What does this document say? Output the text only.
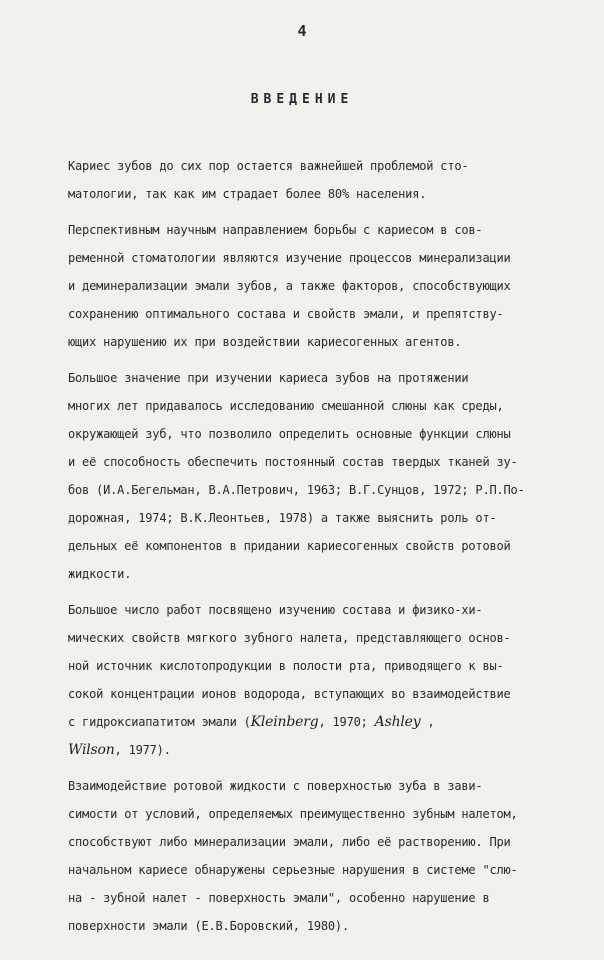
4
ВВЕДЕНИЕ
Кариес зубов до сих пор остается важнейшей проблемой сто-
матологии, так как им страдает более 80% населения.
Перспективным научным направлением борьбы с кариесом в сов-
ременной стоматологии являются изучение процессов минерализации
и деминерализации эмали зубов, а также факторов, способствующих
сохранению оптимального состава и свойств эмали, и препятству-
ющих нарушению их при воздействии кариесогенных агентов.
Большое значение при изучении кариеса зубов на протяжении
многих лет придавалось исследованию смешанной слюны как среды,
окружающей зуб, что позволило определить основные функции слюны
и её способность обеспечить постоянный состав твердых тканей зу-
бов (И.А.Бегельман, В.А.Петрович, 1963; В.Г.Сунцов, 1972; Р.П.По-
дорожная, 1974; В.К.Леонтьев, 1978) а также выяснить роль от-
дельных её компонентов в придании кариесогенных свойств ротовой
жидкости.
Большое число работ посвящено изучению состава и физико-хи-
мических свойств мягкого зубного налета, представляющего основ-
ной источник кислотопродукции в полости рта, приводящего к вы-
сокой концентрации ионов водорода, вступающих во взаимодействие
с гидроксиапатитом эмали (Kleinberg, 1970; Ashley ,
Wilson, 1977).
Взаимодействие ротовой жидкости с поверхностью зуба в зави-
симости от условий, определяемых преимущественно зубным налетом,
способствуют либо минерализации эмали, либо её растворению. При
начальном кариесе обнаружены серьезные нарушения в системе "слю-
на - зубной налет - поверхность эмали", особенно нарушение в
поверхности эмали (Е.В.Боровский, 1980).
